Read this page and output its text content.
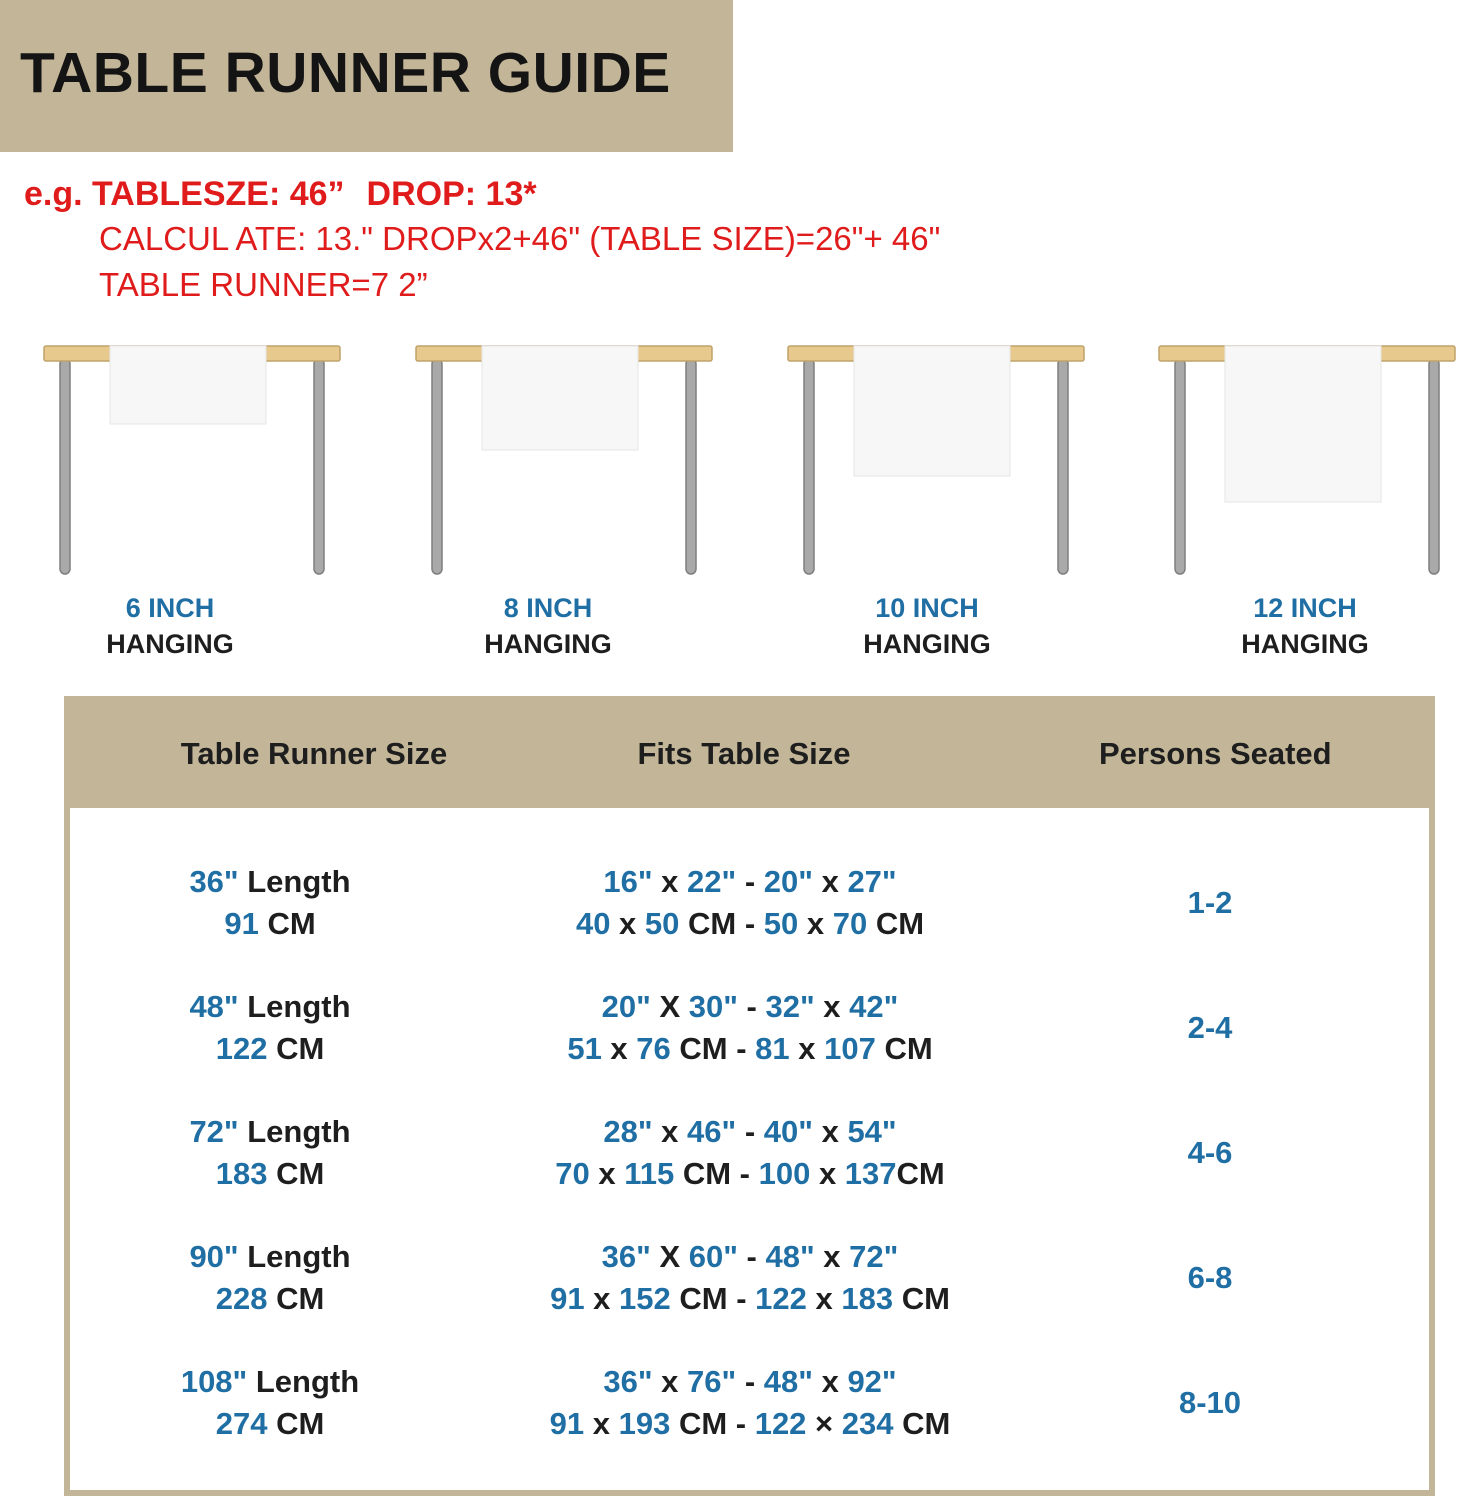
TABLE RUNNER GUIDE
e.g. TABLESZE: 46” DROP: 13*
CALCUL ATE: 13." DROPx2+46" (TABLE SIZE)=26"+ 46"
TABLE RUNNER=7 2”
6 INCH
HANGING
8 INCH
HANGING
10 INCH
HANGING
12 INCH
HANGING
Table Runner Size	Fits Table Size	Persons Seated
36" Length
91 CM
16" x 22" - 20" x 27"
40 x 50 CM - 50 x 70 CM
1-2
48" Length
122 CM
20" X 30" - 32" x 42"
51 x 76 CM - 81 x 107 CM
2-4
72" Length
183 CM
28" x 46" - 40" x 54"
70 x 115 CM - 100 x 137CM
4-6
90" Length
228 CM
36" X 60" - 48" x 72"
91 x 152 CM - 122 x 183 CM
6-8
108" Length
274 CM
36" x 76" - 48" x 92"
91 x 193 CM - 122 × 234 CM
8-10
